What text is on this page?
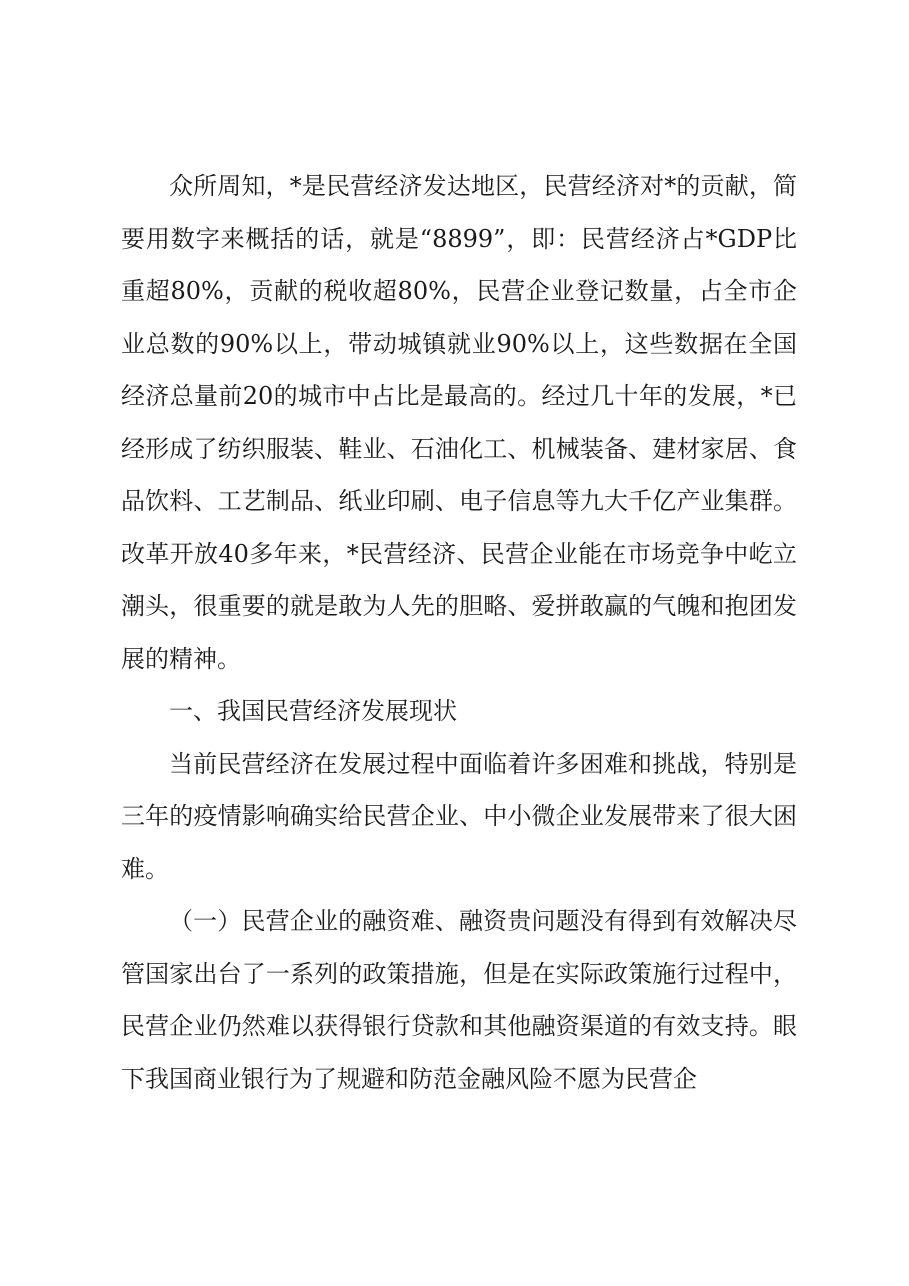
众所周知，*是民营经济发达地区，民营经济对*的贡献，简要用数字来概括的话，就是“8899”，即：民营经济占*GDP比重超80%，贡献的税收超80%，民营企业登记数量，占全市企业总数的90%以上，带动城镇就业90%以上，这些数据在全国经济总量前20的城市中占比是最高的。经过几十年的发展，*已经形成了纺织服装、鞋业、石油化工、机械装备、建材家居、食品饮料、工艺制品、纸业印刷、电子信息等九大千亿产业集群。改革开放40多年来，*民营经济、民营企业能在市场竞争中屹立潮头，很重要的就是敢为人先的胆略、爱拼敢赢的气魄和抱团发展的精神。

一、我国民营经济发展现状

当前民营经济在发展过程中面临着许多困难和挑战，特别是三年的疫情影响确实给民营企业、中小微企业发展带来了很大困难。

（一）民营企业的融资难、融资贵问题没有得到有效解决尽管国家出台了一系列的政策措施，但是在实际政策施行过程中，民营企业仍然难以获得银行贷款和其他融资渠道的有效支持。眼下我国商业银行为了规避和防范金融风险不愿为民营企
